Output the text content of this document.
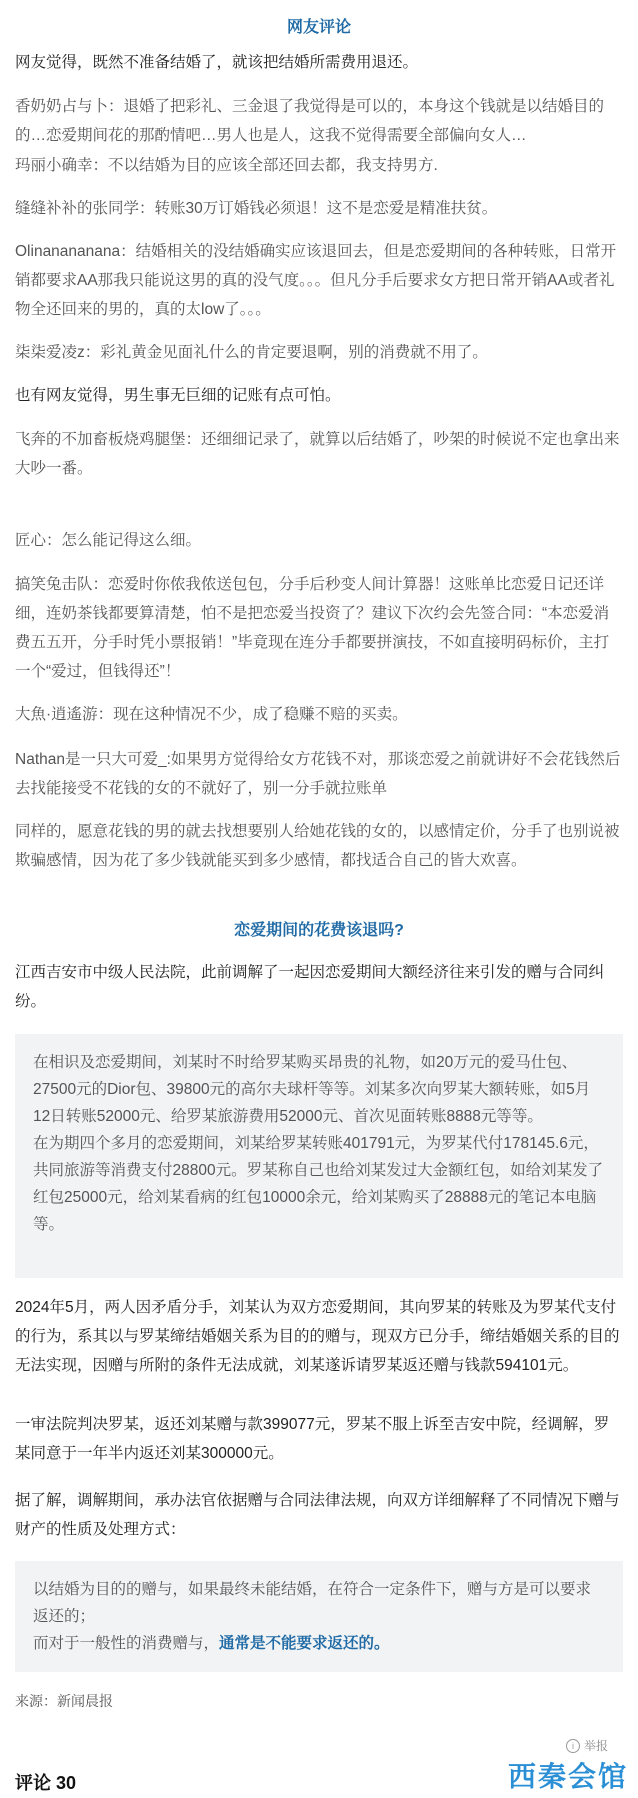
网友评论

网友觉得，既然不准备结婚了，就该把结婚所需费用退还。

香奶奶占与卜：退婚了把彩礼、三金退了我觉得是可以的，本身这个钱就是以结婚目的的…恋爱期间花的那酌情吧…男人也是人，这我不觉得需要全部偏向女人…

玛丽小确幸：不以结婚为目的应该全部还回去都，我支持男方.

缝缝补补的张同学：转账30万订婚钱必须退！这不是恋爱是精准扶贫。

Olinanananana：结婚相关的没结婚确实应该退回去，但是恋爱期间的各种转账，日常开销都要求AA那我只能说这男的真的没气度。。。但凡分手后要求女方把日常开销AA或者礼物全还回来的男的，真的太low了。。。

柒柒爱凌z：彩礼黄金见面礼什么的肯定要退啊，别的消费就不用了。

也有网友觉得，男生事无巨细的记账有点可怕。

飞奔的不加畜板烧鸡腿堡：还细细记录了，就算以后结婚了，吵架的时候说不定也拿出来大吵一番。

匠心：怎么能记得这么细。

搞笑兔击队：恋爱时你侬我侬送包包，分手后秒变人间计算器！这账单比恋爱日记还详细，连奶茶钱都要算清楚，怕不是把恋爱当投资了？建议下次约会先签合同：“本恋爱消费五五开，分手时凭小票报销！”毕竟现在连分手都要拼演技，不如直接明码标价，主打一个“爱过，但钱得还”！

大魚·逍遙游：现在这种情况不少，成了稳赚不赔的买卖。

Nathan是一只大可爱_:如果男方觉得给女方花钱不对，那谈恋爱之前就讲好不会花钱然后去找能接受不花钱的女的不就好了，别一分手就拉账单

同样的，愿意花钱的男的就去找想要别人给她花钱的女的，以感情定价，分手了也别说被欺骗感情，因为花了多少钱就能买到多少感情，都找适合自己的皆大欢喜。

恋爱期间的花费该退吗?

江西吉安市中级人民法院，此前调解了一起因恋爱期间大额经济往来引发的赠与合同纠纷。

在相识及恋爱期间，刘某时不时给罗某购买昂贵的礼物，如20万元的爱马仕包、27500元的Dior包、39800元的高尔夫球杆等等。刘某多次向罗某大额转账，如5月12日转账52000元、给罗某旅游费用52000元、首次见面转账8888元等等。

在为期四个多月的恋爱期间，刘某给罗某转账401791元，为罗某代付178145.6元，共同旅游等消费支付28800元。罗某称自己也给刘某发过大金额红包，如给刘某发了红包25000元，给刘某看病的红包10000余元，给刘某购买了28888元的笔记本电脑等。

2024年5月，两人因矛盾分手，刘某认为双方恋爱期间，其向罗某的转账及为罗某代支付的行为，系其以与罗某缔结婚姻关系为目的的赠与，现双方已分手，缔结婚姻关系的目的无法实现，因赠与所附的条件无法成就，刘某遂诉请罗某返还赠与钱款594101元。

一审法院判决罗某，返还刘某赠与款399077元，罗某不服上诉至吉安中院，经调解，罗某同意于一年半内返还刘某300000元。

据了解，调解期间，承办法官依据赠与合同法律法规，向双方详细解释了不同情况下赠与财产的性质及处理方式：

以结婚为目的的赠与，如果最终未能结婚，在符合一定条件下，赠与方是可以要求返还的；

而对于一般性的消费赠与，通常是不能要求返还的。

来源：新闻晨报
i 举报
评论 30	西秦会馆
